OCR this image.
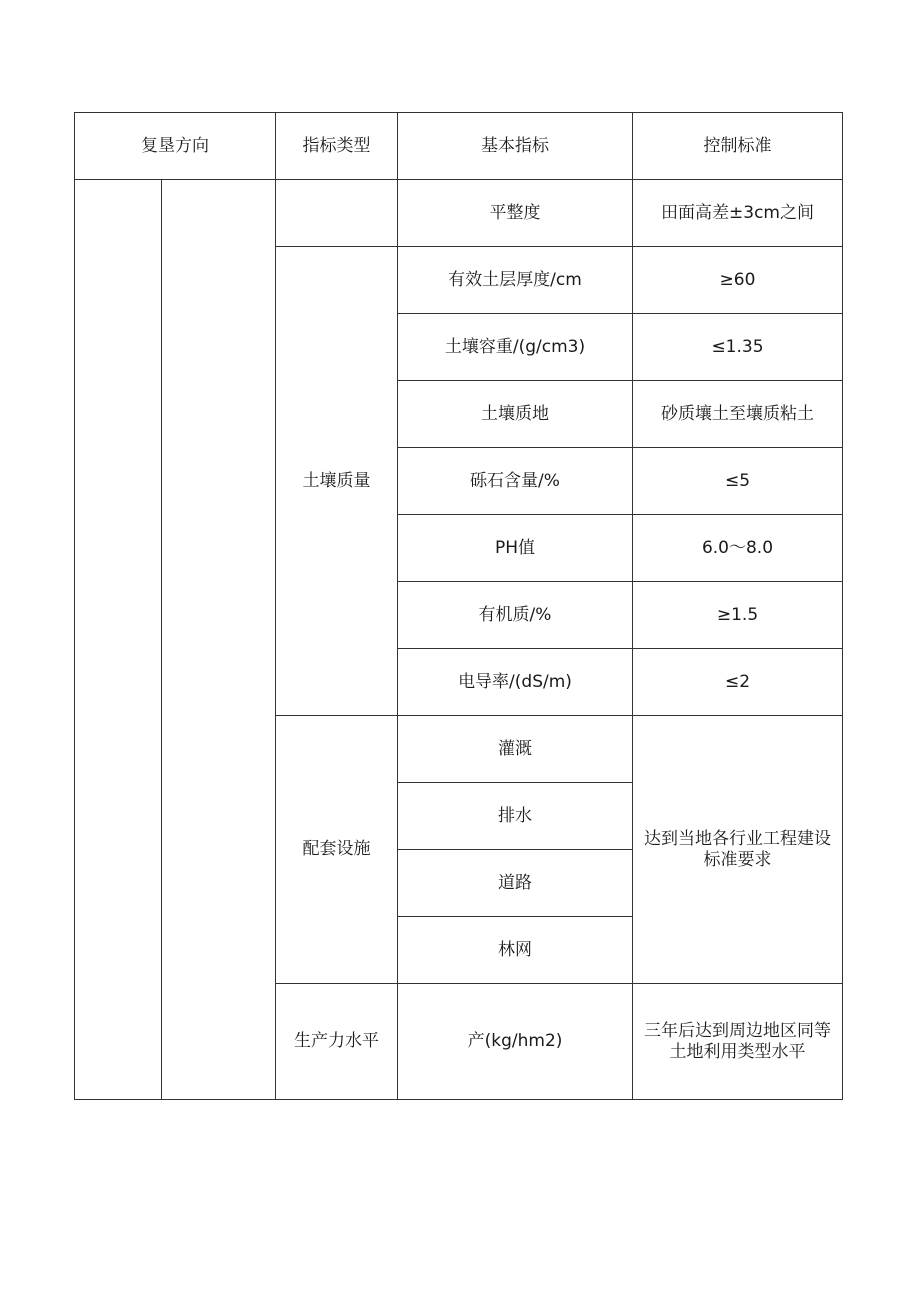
复垦方向		指标类型	基本指标	控制标准
			平整度	田面高差±3cm之间
		土壤质量	有效土层厚度/cm	≥60
			土壤容重/(g/cm3)	≤1.35
			土壤质地	砂质壤土至壤质粘土
			砾石含量/%	≤5
			PH值	6.0～8.0
			有机质/%	≥1.5
			电导率/(dS/m)	≤2
		配套设施	灌溉	达到当地各行业工程建设标准要求
			排水	
			道路	
			林网	
		生产力水平	产(kg/hm2)	三年后达到周边地区同等土地利用类型水平
